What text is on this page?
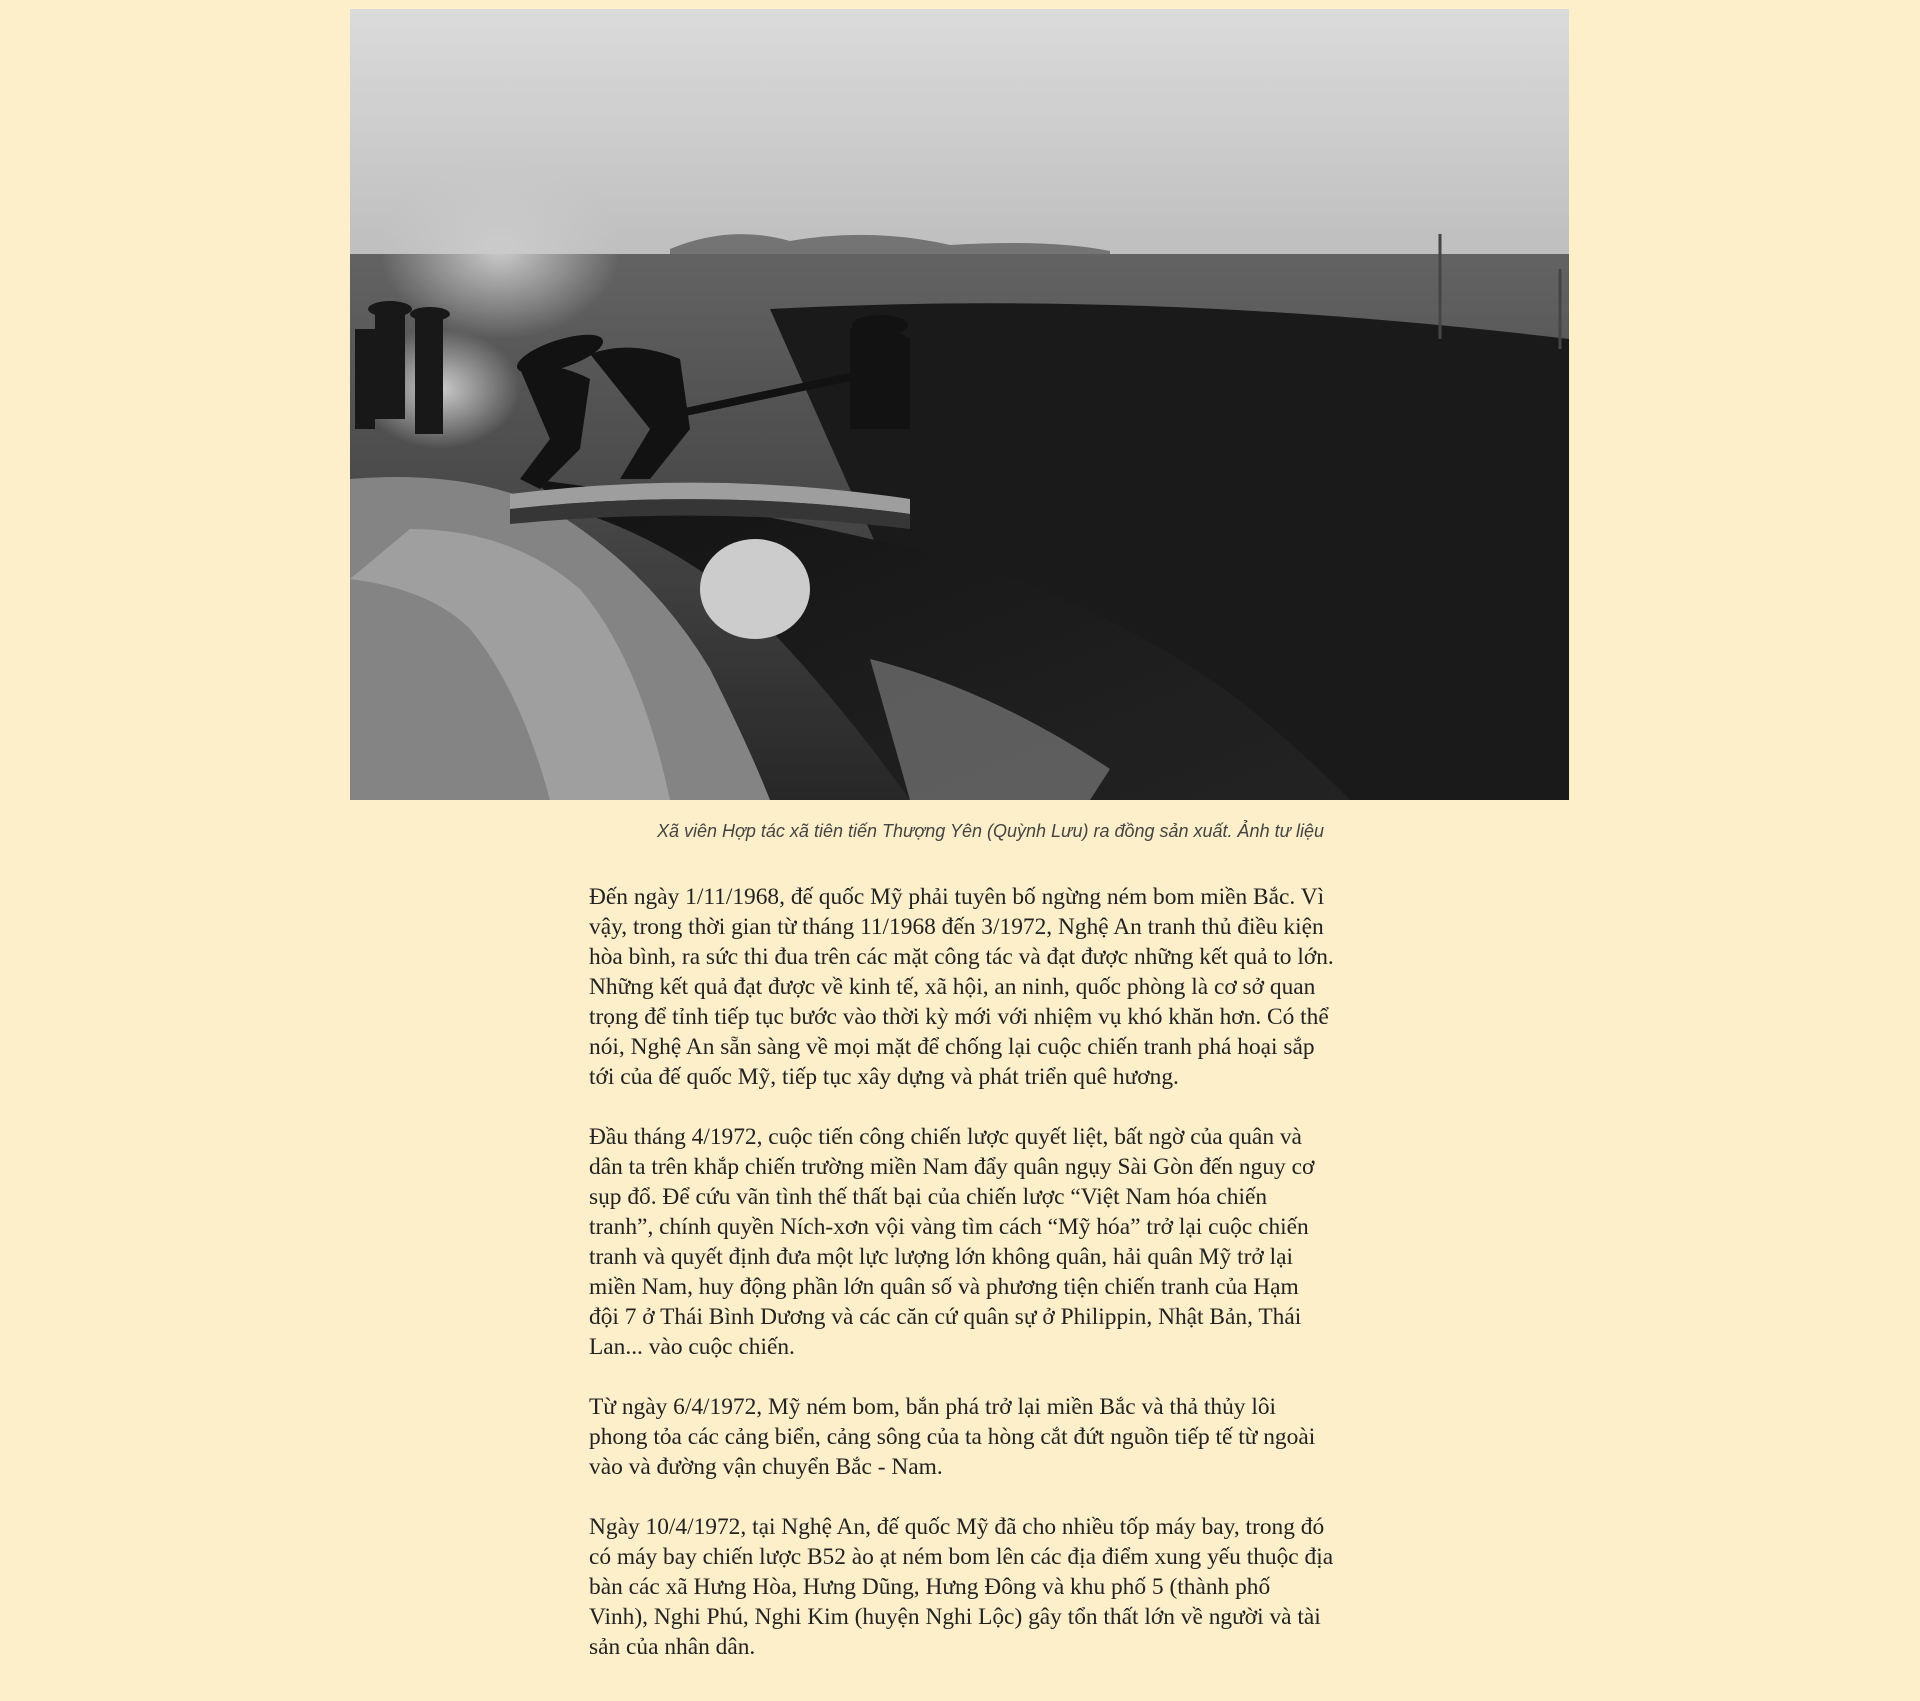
Xã viên Hợp tác xã tiên tiến Thượng Yên (Quỳnh Lưu) ra đồng sản xuất. Ảnh tư liệu

Đến ngày 1/11/1968, đế quốc Mỹ phải tuyên bố ngừng ném bom miền Bắc. Vì vậy, trong thời gian từ tháng 11/1968 đến 3/1972, Nghệ An tranh thủ điều kiện hòa bình, ra sức thi đua trên các mặt công tác và đạt được những kết quả to lớn. Những kết quả đạt được về kinh tế, xã hội, an ninh, quốc phòng là cơ sở quan trọng để tỉnh tiếp tục bước vào thời kỳ mới với nhiệm vụ khó khăn hơn. Có thể nói, Nghệ An sẵn sàng về mọi mặt để chống lại cuộc chiến tranh phá hoại sắp tới của đế quốc Mỹ, tiếp tục xây dựng và phát triển quê hương.

Đầu tháng 4/1972, cuộc tiến công chiến lược quyết liệt, bất ngờ của quân và dân ta trên khắp chiến trường miền Nam đẩy quân ngụy Sài Gòn đến nguy cơ sụp đổ. Để cứu vãn tình thế thất bại của chiến lược “Việt Nam hóa chiến tranh”, chính quyền Ních-xơn vội vàng tìm cách “Mỹ hóa” trở lại cuộc chiến tranh và quyết định đưa một lực lượng lớn không quân, hải quân Mỹ trở lại miền Nam, huy động phần lớn quân số và phương tiện chiến tranh của Hạm đội 7 ở Thái Bình Dương và các căn cứ quân sự ở Philippin, Nhật Bản, Thái Lan... vào cuộc chiến.

Từ ngày 6/4/1972, Mỹ ném bom, bắn phá trở lại miền Bắc và thả thủy lôi phong tỏa các cảng biển, cảng sông của ta hòng cắt đứt nguồn tiếp tế từ ngoài vào và đường vận chuyển Bắc - Nam.

Ngày 10/4/1972, tại Nghệ An, đế quốc Mỹ đã cho nhiều tốp máy bay, trong đó có máy bay chiến lược B52 ào ạt ném bom lên các địa điểm xung yếu thuộc địa bàn các xã Hưng Hòa, Hưng Dũng, Hưng Đông và khu phố 5 (thành phố Vinh), Nghi Phú, Nghi Kim (huyện Nghi Lộc) gây tổn thất lớn về người và tài sản của nhân dân.
